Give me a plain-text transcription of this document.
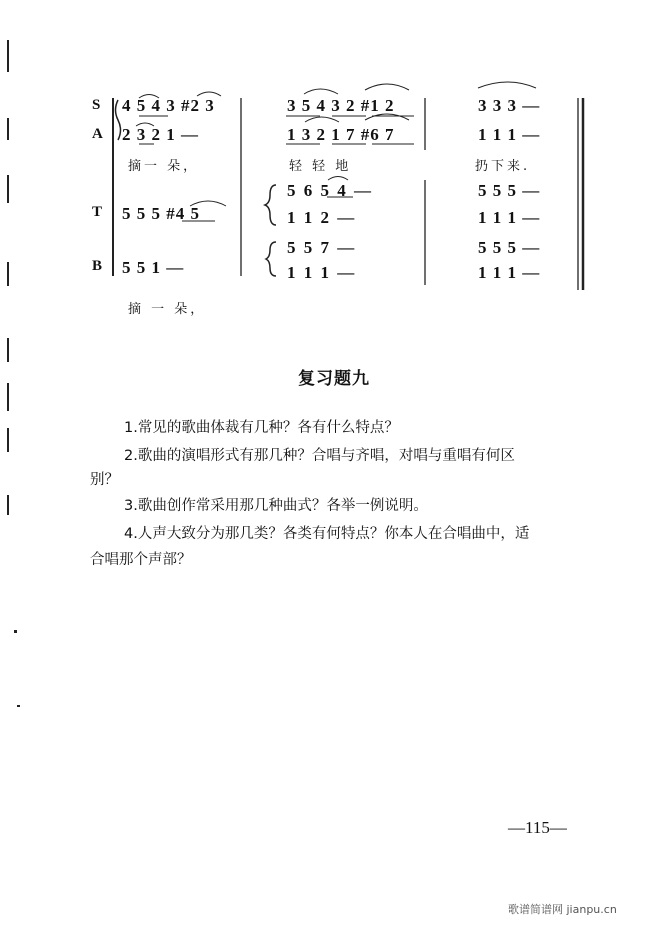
S
A
T
B
4 5 4 3 #2 3
2 3 2 1 —
摘一 朵，
5 5 5 #4 5
5 5 1 —
摘 一 朵，
3 5 4 3 2 #1 2
1 3 2 1 7 #6 7
轻 轻 地
5 6 5 4 —
1 1 2 —
5 5 7 —
1 1 1 —
3 3 3 —
1 1 1 —
扔下来.
5 5 5 —
1 1 1 —
5 5 5 —
1 1 1 —
复习题九
1.常见的歌曲体裁有几种？各有什么特点？
2.歌曲的演唱形式有那几种？合唱与齐唱，对唱与重唱有何区
别？
3.歌曲创作常采用那几种曲式？各举一例说明。
4.人声大致分为那几类？各类有何特点？你本人在合唱曲中，适
合唱那个声部？
—115—
歌谱简谱网 jianpu.cn
